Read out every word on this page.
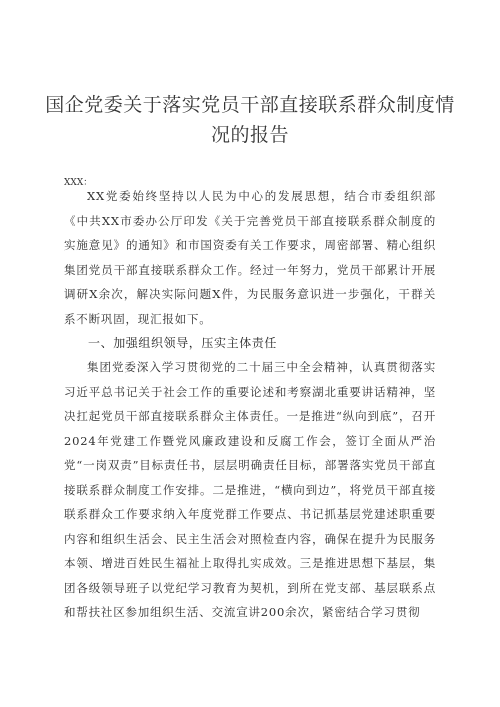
国企党委关于落实党员干部直接联系群众制度情况的报告
XXX：

XX党委始终坚持以人民为中心的发展思想，结合市委组织部《中共XX市委办公厅印发《关于完善党员干部直接联系群众制度的实施意见》的通知》和市国资委有关工作要求，周密部署、精心组织集团党员干部直接联系群众工作。经过一年努力，党员干部累计开展调研X余次，解决实际问题X件，为民服务意识进一步强化，干群关系不断巩固，现汇报如下。

一、加强组织领导，压实主体责任

集团党委深入学习贯彻党的二十届三中全会精神，认真贯彻落实习近平总书记关于社会工作的重要论述和考察湖北重要讲话精神，坚决扛起党员干部直接联系群众主体责任。一是推进“纵向到底”，召开2024年党建工作暨党风廉政建设和反腐工作会，签订全面从严治党“一岗双责”目标责任书，层层明确责任目标，部署落实党员干部直接联系群众制度工作安排。二是推进，“横向到边”，将党员干部直接联系群众工作要求纳入年度党群工作要点、书记抓基层党建述职重要内容和组织生活会、民主生活会对照检查内容，确保在提升为民服务本领、增进百姓民生福祉上取得扎实成效。三是推进思想下基层，集团各级领导班子以党纪学习教育为契机，到所在党支部、基层联系点和帮扶社区参加组织生活、交流宣讲200余次，紧密结合学习贯彻
